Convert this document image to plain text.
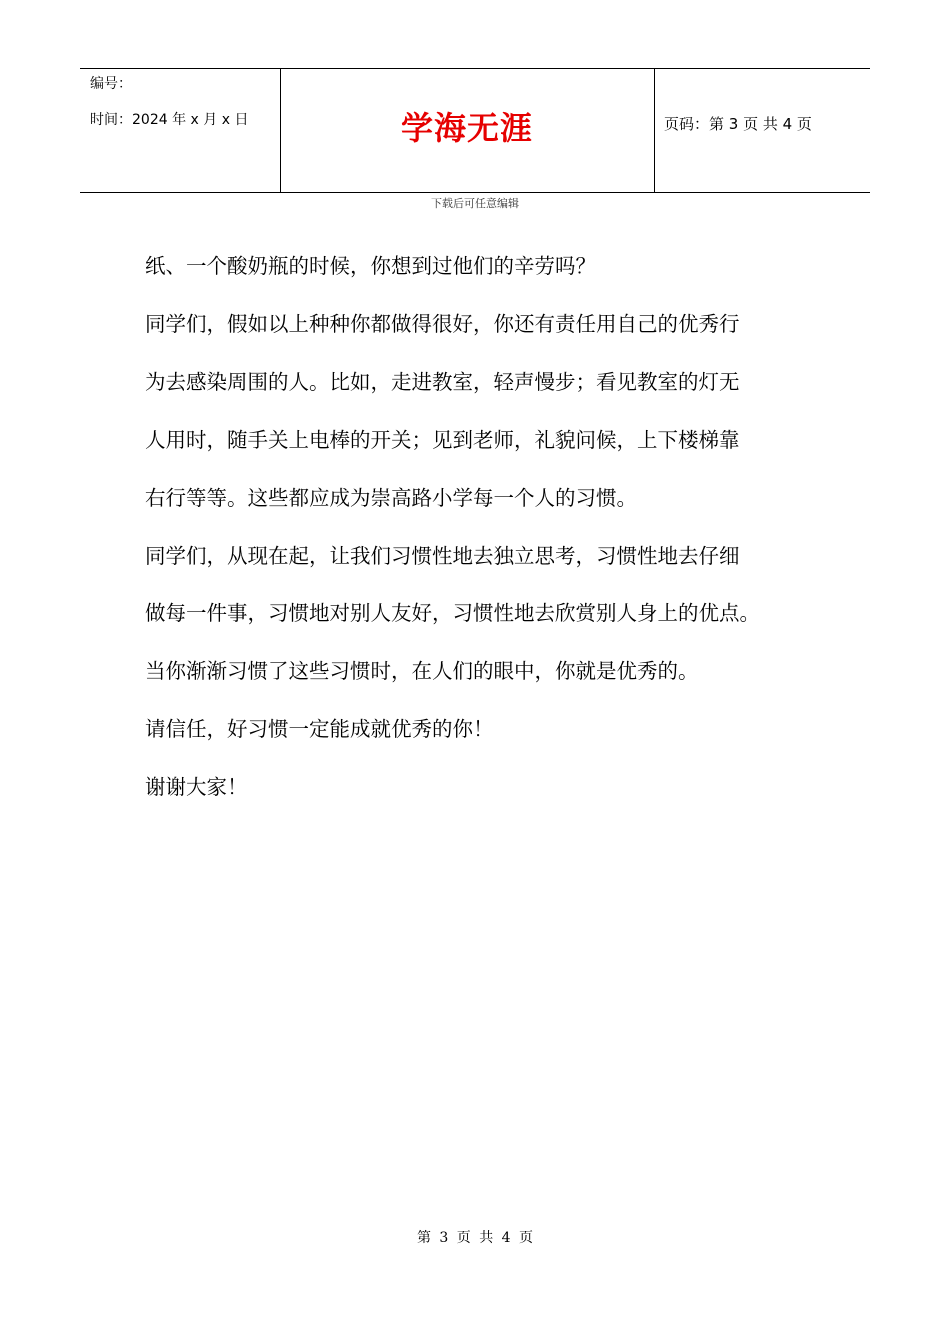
编号：
时间：2024 年 x 月 x 日	学海无涯	页码：第 3 页 共 4 页
下载后可任意编辑

纸、一个酸奶瓶的时候，你想到过他们的辛劳吗？

同学们，假如以上种种你都做得很好，你还有责任用自己的优秀行

为去感染周围的人。比如，走进教室，轻声慢步；看见教室的灯无

人用时，随手关上电棒的开关；见到老师，礼貌问候，上下楼梯靠

右行等等。这些都应成为崇高路小学每一个人的习惯。

同学们，从现在起，让我们习惯性地去独立思考，习惯性地去仔细

做每一件事，习惯地对别人友好，习惯性地去欣赏别人身上的优点。

当你渐渐习惯了这些习惯时，在人们的眼中，你就是优秀的。

请信任，好习惯一定能成就优秀的你！

谢谢大家！

第 3 页 共 4 页
